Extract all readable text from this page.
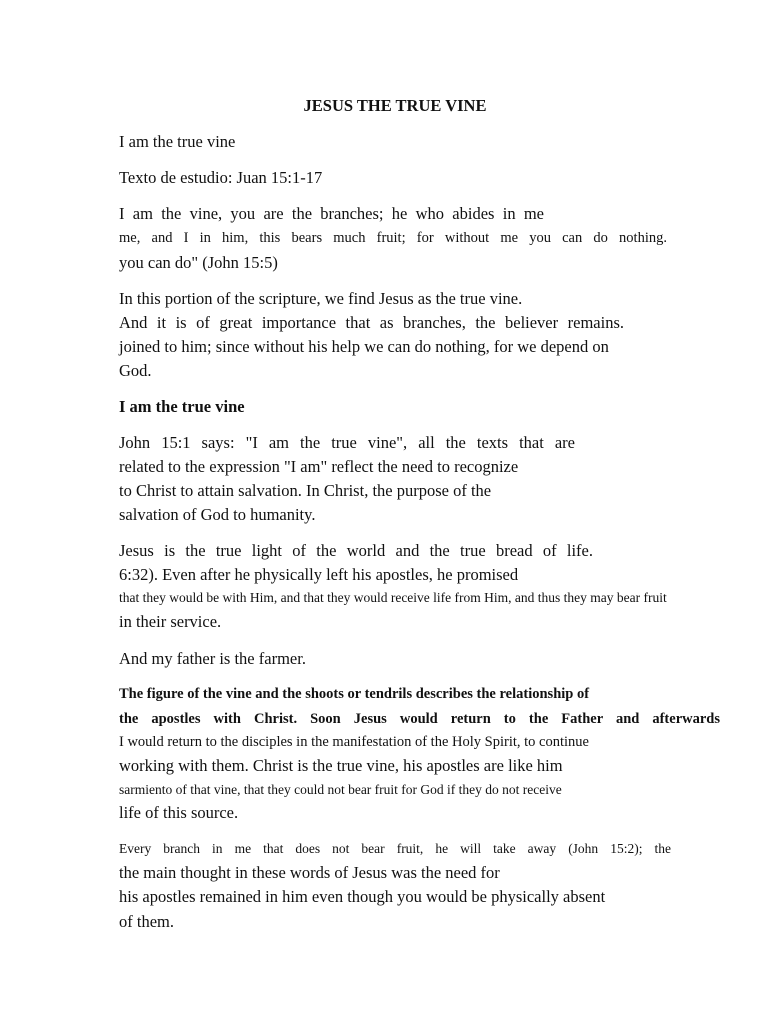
JESUS THE TRUE VINE
I am the true vine
Texto de estudio: Juan 15:1-17
I am the vine, you are the branches; he who abides in me
me, and I in him, this bears much fruit; for without me you can do nothing.
you can do" (John 15:5)
In this portion of the scripture, we find Jesus as the true vine.
And it is of great importance that as branches, the believer remains.
joined to him; since without his help we can do nothing, for we depend on
God.
I am the true vine
John 15:1 says: "I am the true vine", all the texts that are
related to the expression "I am" reflect the need to recognize
to Christ to attain salvation. In Christ, the purpose of the
salvation of God to humanity.
Jesus is the true light of the world and the true bread of life.
6:32). Even after he physically left his apostles, he promised
that they would be with Him, and that they would receive life from Him, and thus they may bear fruit
in their service.
And my father is the farmer.
The figure of the vine and the shoots or tendrils describes the relationship of
the apostles with Christ. Soon Jesus would return to the Father and afterwards
I would return to the disciples in the manifestation of the Holy Spirit, to continue
working with them. Christ is the true vine, his apostles are like him
sarmiento of that vine, that they could not bear fruit for God if they do not receive
life of this source.
Every branch in me that does not bear fruit, he will take away (John 15:2); the
the main thought in these words of Jesus was the need for
his apostles remained in him even though you would be physically absent
of them.
